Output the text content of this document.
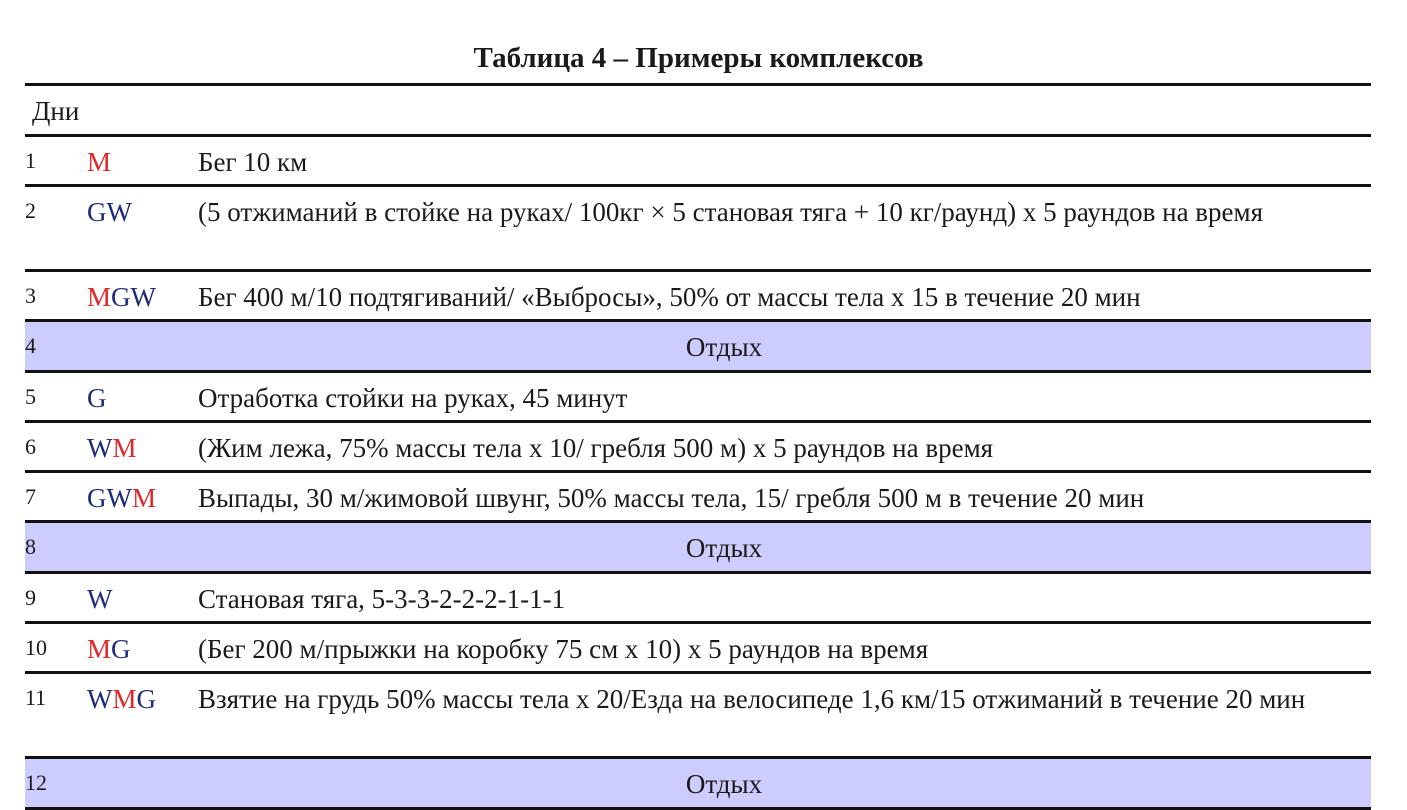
Таблица 4 – Примеры комплексов
Дни
1 M	Бег 10 км
2 GW (5 отжиманий в стойке на руках/ 100кг × 5 становая тяга + 10 кг/раунд) х 5 раундов на время
3 MGW Бег 400 м/10 подтягиваний/ «Выбросы», 50% от массы тела х 15 в течение 20 мин
4	Отдых
5 G	Отработка стойки на руках, 45 минут
6 WM (Жим лежа, 75% массы тела х 10/ гребля 500 м) х 5 раундов на время
7 GWM Выпады, 30 м/жимовой швунг, 50% массы тела, 15/ гребля 500 м в течение 20 мин
8	Отдых
9 W	Становая тяга, 5-3-3-2-2-2-1-1-1
10 MG (Бег 200 м/прыжки на коробку 75 см х 10) х 5 раундов на время
11 WMG Взятие на грудь 50% массы тела х 20/Езда на велосипеде 1,6 км/15 отжиманий в течение 20 мин
12	Отдых
